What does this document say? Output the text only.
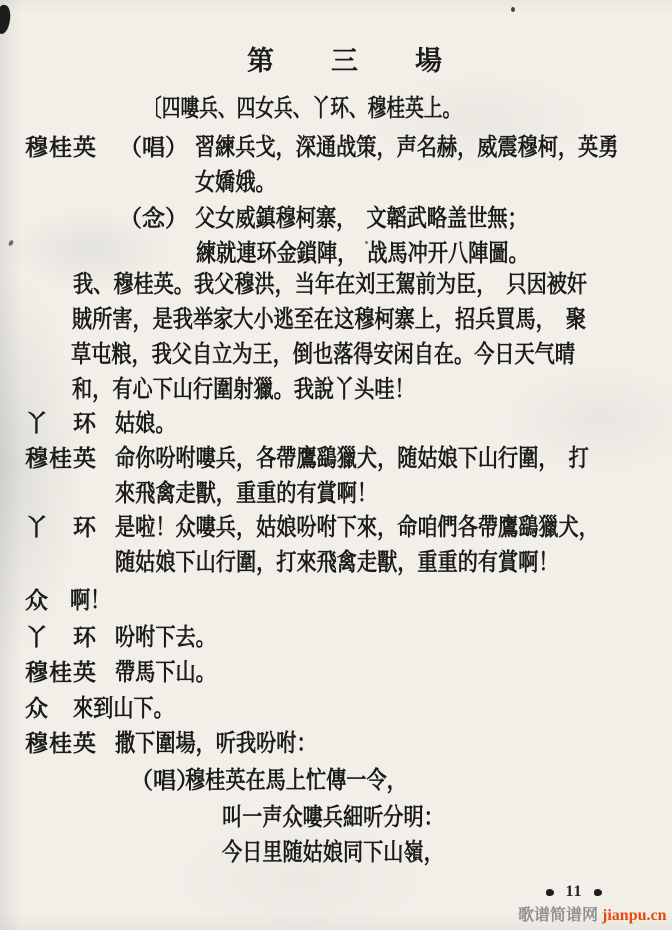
第　　三　　場
〔四嘍兵、四女兵、丫环、穆桂英上。
穆桂英 （唱） 習練兵戈，深通战策，声名赫，威震穆柯，英勇
女嬌娥。
（念） 父女威鎮穆柯寨，　文韜武略盖世無；
練就連环金鎖陣，　战馬冲开八陣圖。
我、穆桂英。我父穆洪，当年在刘王駕前为臣，　只因被奸
賊所害，是我举家大小逃至在这穆柯寨上，招兵買馬，　聚
草屯粮，我父自立为王，倒也落得安闲自在。今日天气晴
和，有心下山行圍射獵。我說丫头哇！
丫　环 姑娘。
穆桂英 命你吩咐嘍兵，各帶鷹鷂獵犬，随姑娘下山行圍，　打
來飛禽走獸，重重的有賞啊！
丫　环 是啦！众嘍兵，姑娘吩咐下來，命咱們各帶鷹鷂獵犬，
随姑娘下山行圍，打來飛禽走獸，重重的有賞啊！
众 啊！
丫　环 吩咐下去。
穆桂英 帶馬下山。
众 來到山下。
穆桂英 撒下圍場，听我吩咐：
（唱）
穆桂英在馬上忙傳一令，
叫一声众嘍兵細听分明：
今日里随姑娘同下山嶺，
11
歌谱简谱网 jianpu.cn
